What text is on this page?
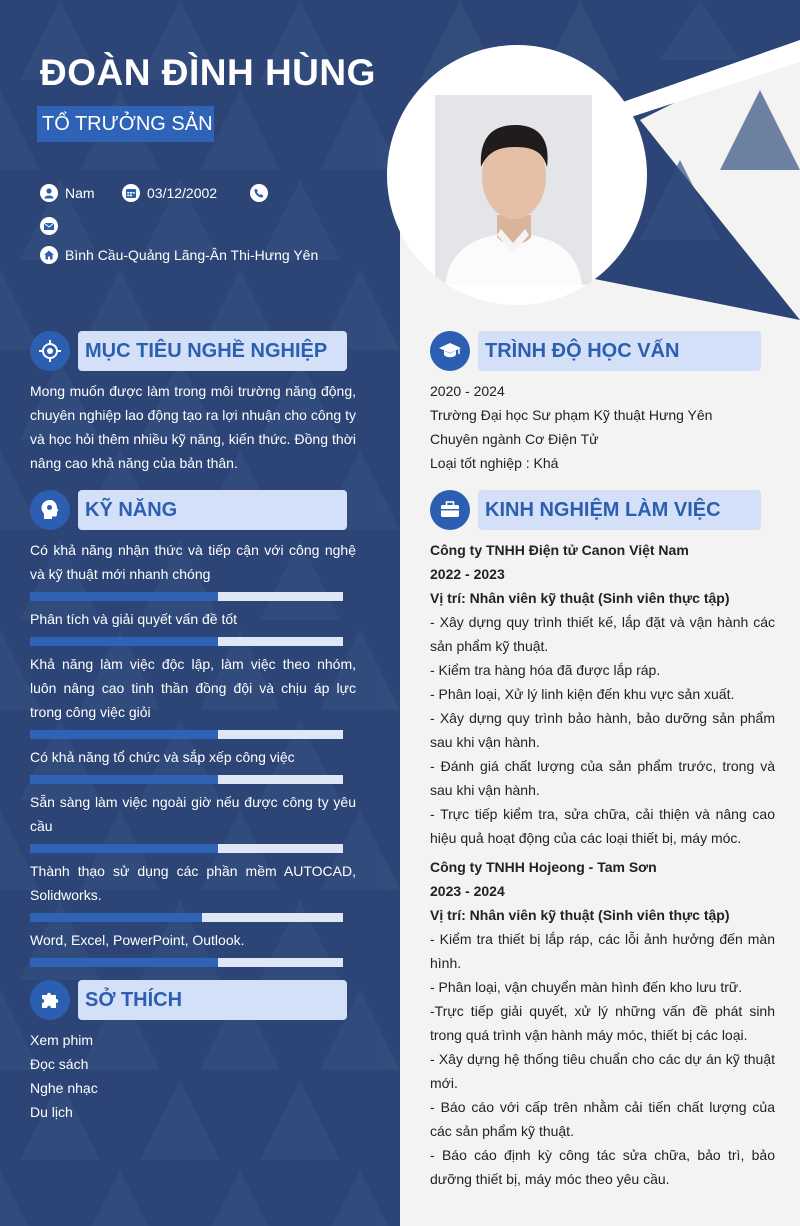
ĐOÀN ĐÌNH HÙNG
TỔ TRƯỞNG SẢN
Nam	03/12/2002
Bình Cầu-Quảng Lãng-Ân Thi-Hưng Yên
MỤC TIÊU NGHỀ NGHIỆP
Mong muốn được làm trong môi trường năng động, chuyên nghiệp lao động tạo ra lợi nhuận cho công ty và học hỏi thêm nhiều kỹ năng, kiến thức. Đồng thời nâng cao khả năng của bản thân.
KỸ NĂNG
Có khả năng nhận thức và tiếp cận với công nghệ và kỹ thuật mới nhanh chóng
Phân tích và giải quyết vấn đề tốt
Khả năng làm việc độc lập, làm việc theo nhóm, luôn nâng cao tinh thần đồng đội và chịu áp lực trong công việc giỏi
Có khả năng tổ chức và sắp xếp công việc
Sẵn sàng làm việc ngoài giờ nếu được công ty yêu cầu
Thành thạo sử dụng các phần mềm AUTOCAD, Solidworks.
Word, Excel, PowerPoint, Outlook.
SỞ THÍCH
Xem phim
Đọc sách
Nghe nhạc
Du lịch
TRÌNH ĐỘ HỌC VẤN
2020 - 2024
Trường Đại học Sư phạm Kỹ thuật Hưng Yên
Chuyên ngành Cơ Điện Tử
Loại tốt nghiệp : Khá
KINH NGHIỆM LÀM VIỆC
Công ty TNHH Điện tử Canon Việt Nam
2022 - 2023
Vị trí: Nhân viên kỹ thuật (Sinh viên thực tập)
- Xây dựng quy trình thiết kế, lắp đặt và vận hành các sản phẩm kỹ thuật.
- Kiểm tra hàng hóa đã được lắp ráp.
- Phân loại, Xử lý linh kiện đến khu vực sản xuất.
- Xây dựng quy trình bảo hành, bảo dưỡng sản phẩm sau khi vận hành.
- Đánh giá chất lượng của sản phẩm trước, trong và sau khi vận hành.
- Trực tiếp kiểm tra, sửa chữa, cải thiện và nâng cao hiệu quả hoạt động của các loại thiết bị, máy móc.
Công ty TNHH Hojeong - Tam Sơn
2023 - 2024
Vị trí: Nhân viên kỹ thuật (Sinh viên thực tập)
- Kiểm tra thiết bị lắp ráp, các lỗi ảnh hưởng đến màn hình.
- Phân loại, vận chuyển màn hình đến kho lưu trữ.
-Trực tiếp giải quyết, xử lý những vấn đề phát sinh trong quá trình vận hành máy móc, thiết bị các loại.
- Xây dựng hệ thống tiêu chuẩn cho các dự án kỹ thuật mới.
- Báo cáo với cấp trên nhằm cải tiến chất lượng của các sản phẩm kỹ thuật.
- Báo cáo định kỳ công tác sửa chữa, bảo trì, bảo dưỡng thiết bị, máy móc theo yêu cầu.
